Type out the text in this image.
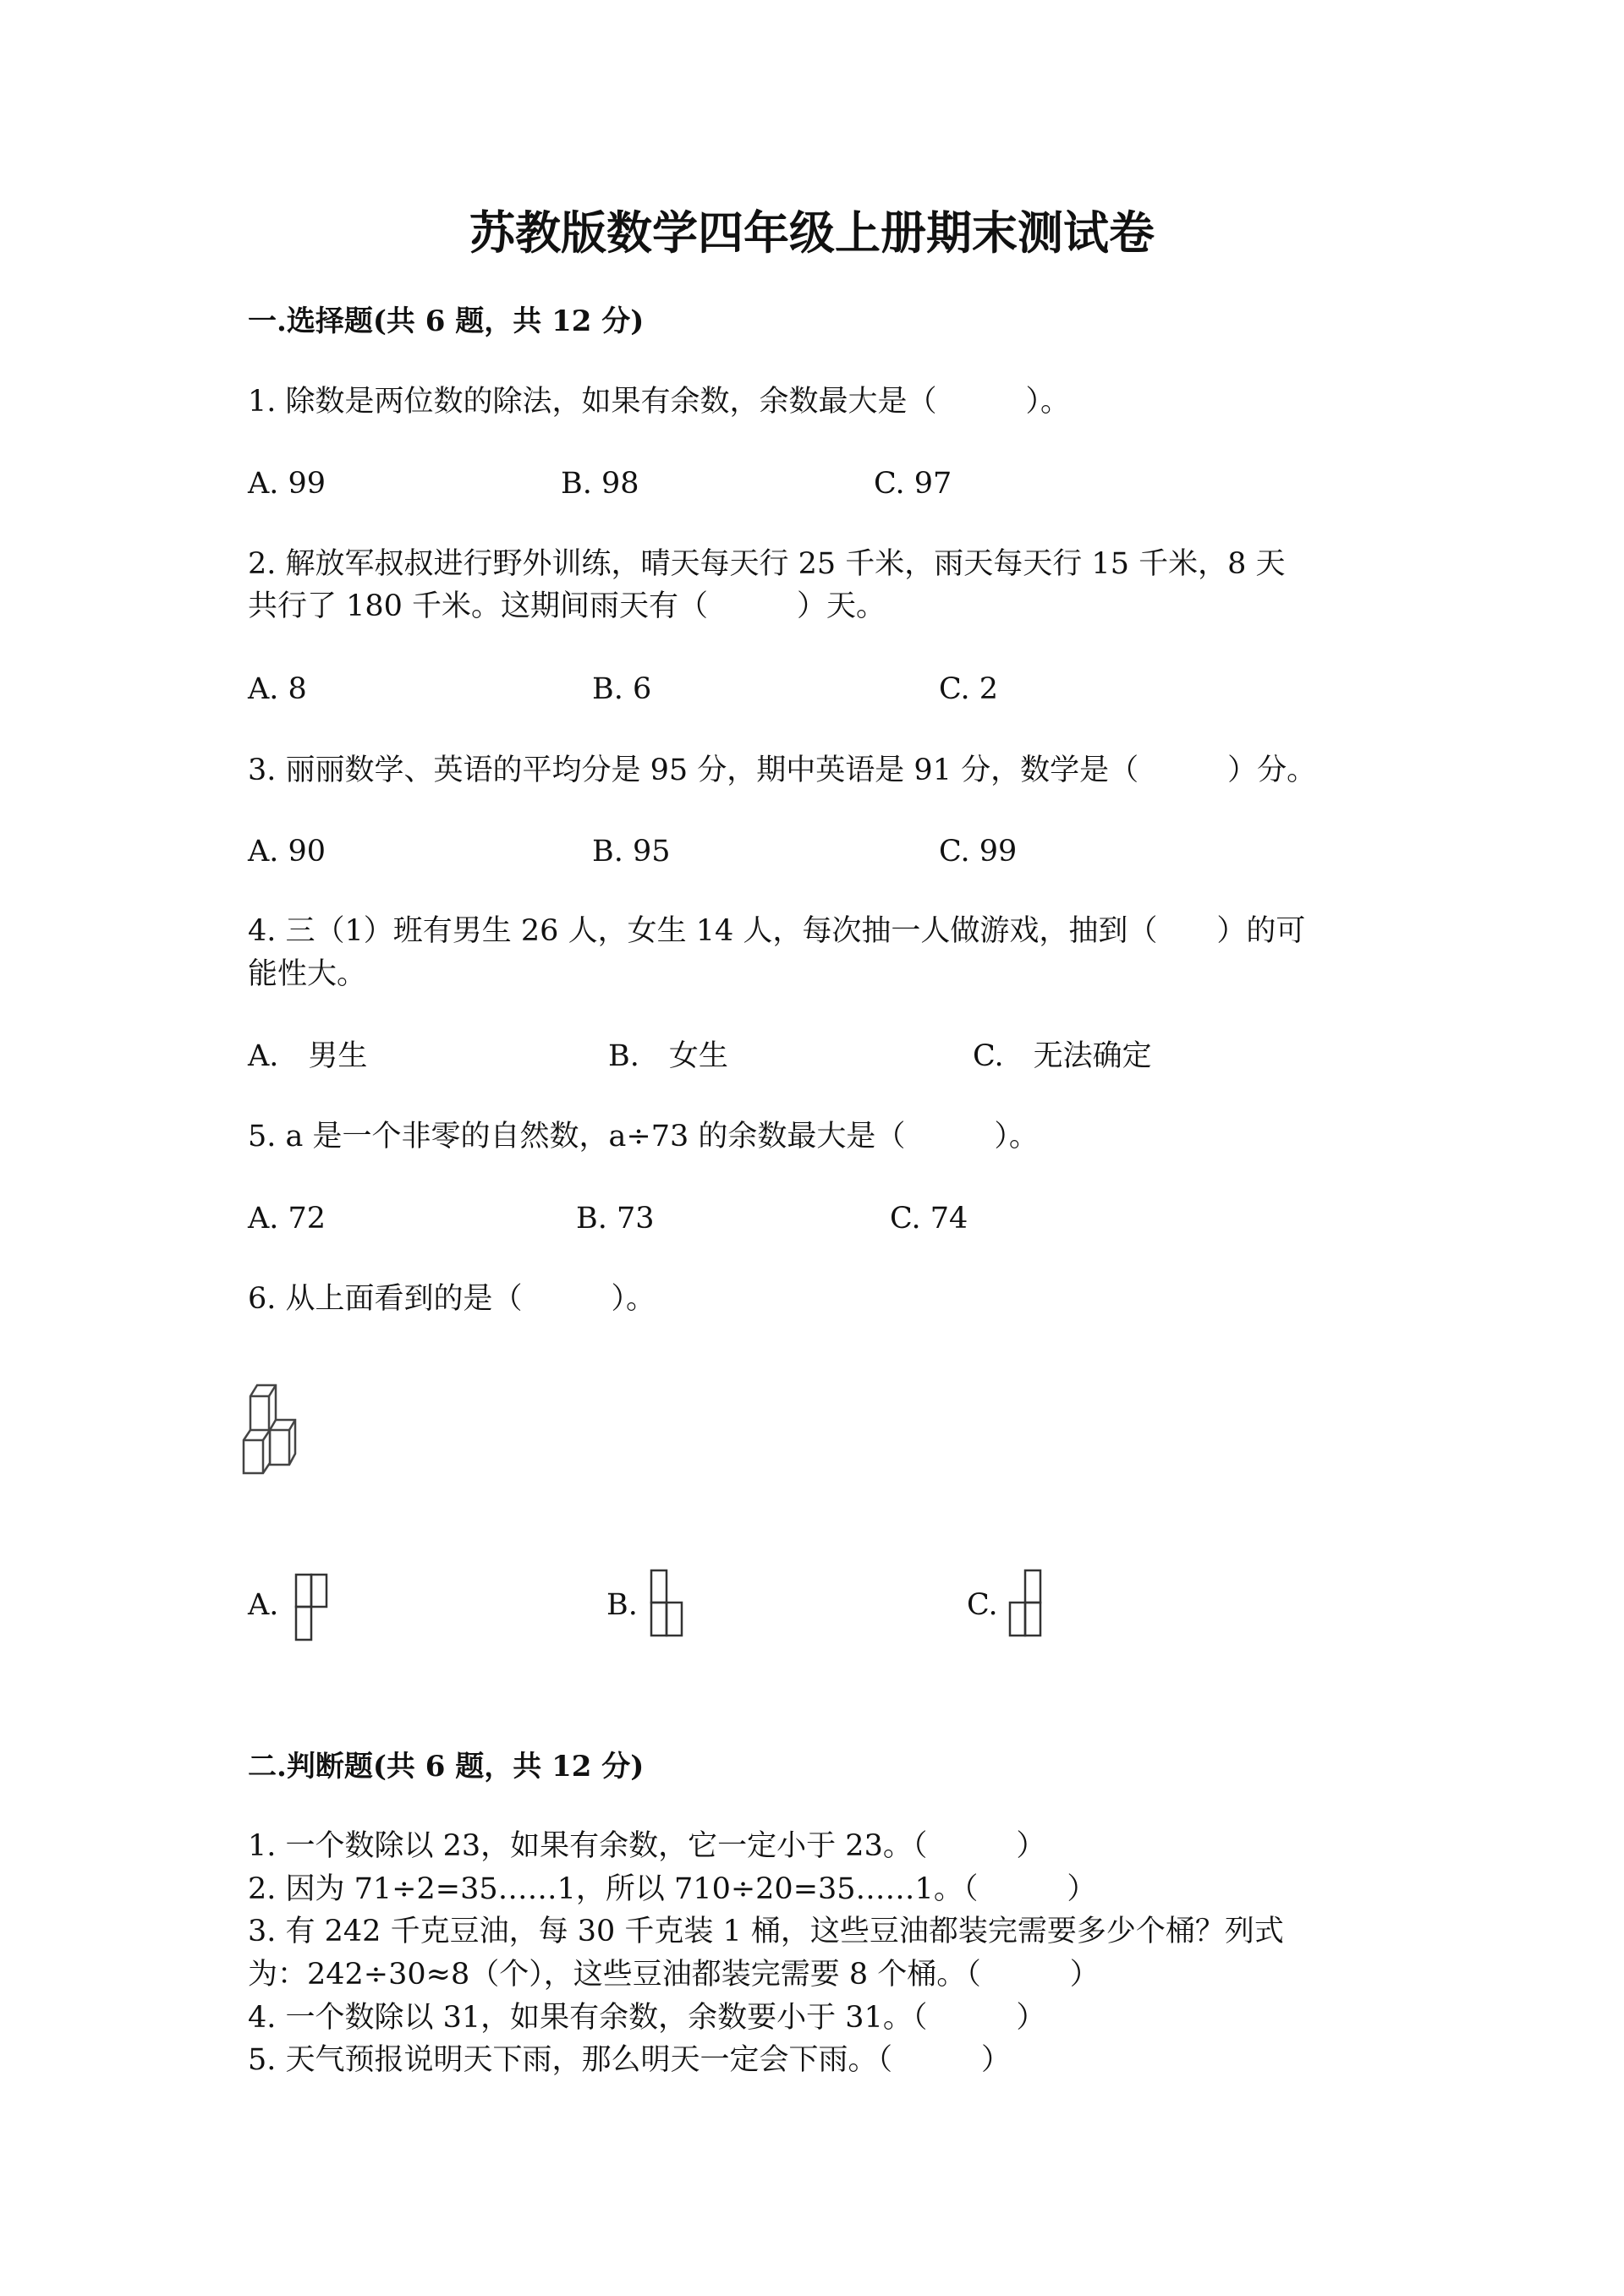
苏教版数学四年级上册期末测试卷
一.选择题(共 6 题，共 12 分)
1. 除数是两位数的除法，如果有余数，余数最大是（　　　）。
A. 99	B. 98	C. 97
2. 解放军叔叔进行野外训练，晴天每天行 25 千米，雨天每天行 15 千米，8 天
共行了 180 千米。这期间雨天有（　　　）天。
A. 8	B. 6	C. 2
3. 丽丽数学、英语的平均分是 95 分，期中英语是 91 分，数学是（　　　）分。
A. 90	B. 95	C. 99
4. 三（1）班有男生 26 人，女生 14 人，每次抽一人做游戏，抽到（　　）的可
能性大。
A.　男生	B.　女生	C.　无法确定
5. a 是一个非零的自然数，a÷73 的余数最大是（　　　）。
A. 72	B. 73	C. 74
6. 从上面看到的是（　　　）。
A.	B.	C.
二.判断题(共 6 题，共 12 分)
1. 一个数除以 23，如果有余数，它一定小于 23。（　　　）
2. 因为 71÷2=35……1，所以 710÷20=35……1。（　　　）
3. 有 242 千克豆油，每 30 千克装 1 桶，这些豆油都装完需要多少个桶？列式
为：242÷30≈8（个），这些豆油都装完需要 8 个桶。（　　　）
4. 一个数除以 31，如果有余数，余数要小于 31。（　　　）
5. 天气预报说明天下雨，那么明天一定会下雨。（　　　）
